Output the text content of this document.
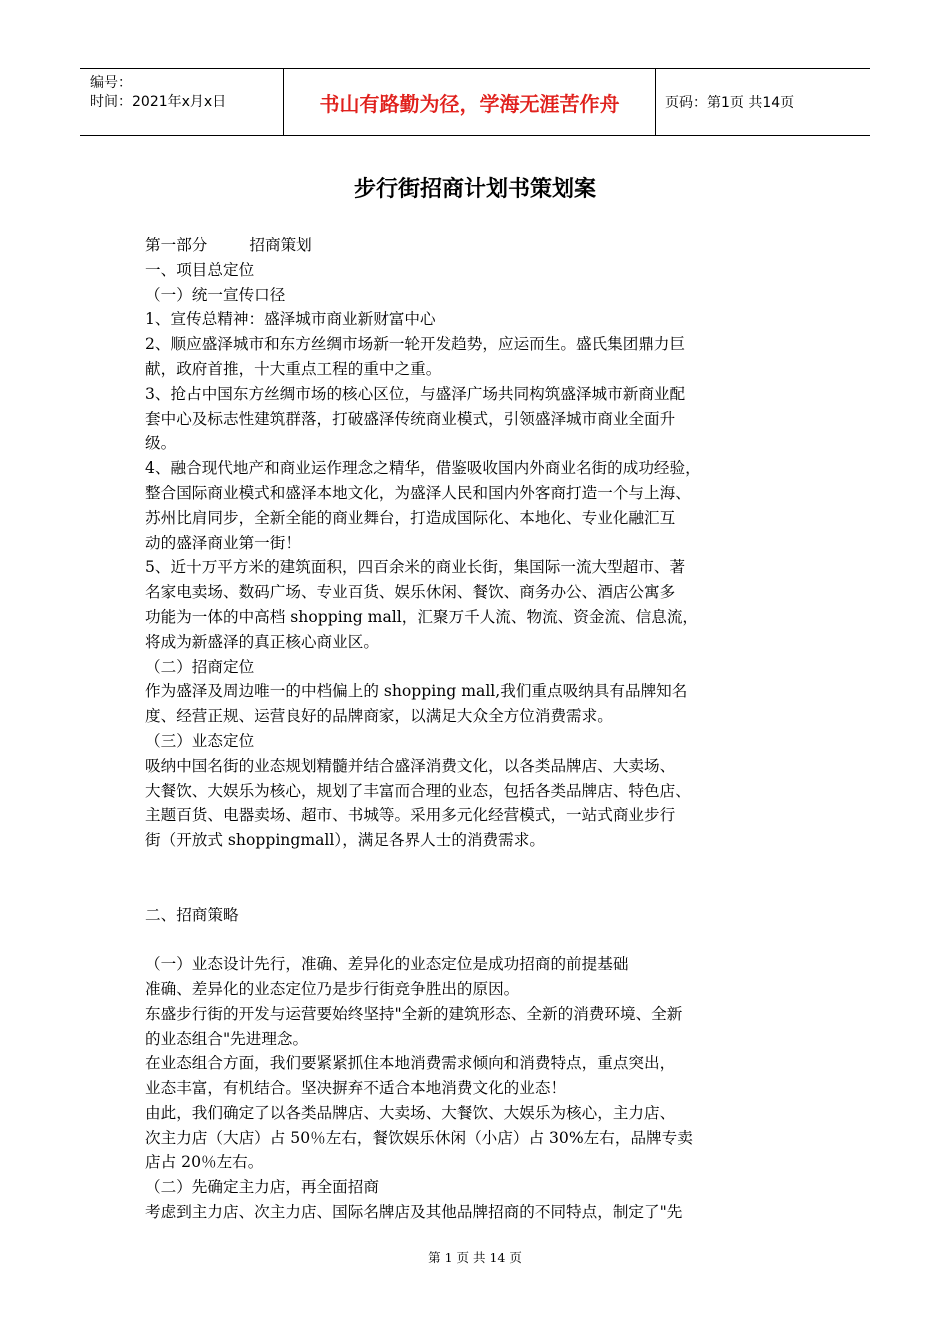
编号：
时间：2021年x月x日	书山有路勤为径，学海无涯苦作舟	页码：第1页 共14页
步行街招商计划书策划案

第一部分	招商策划

一、项目总定位

（一）统一宣传口径

1、宣传总精神：盛泽城市商业新财富中心

2、顺应盛泽城市和东方丝绸市场新一轮开发趋势，应运而生。盛氏集团鼎力巨

献，政府首推，十大重点工程的重中之重。

3、抢占中国东方丝绸市场的核心区位，与盛泽广场共同构筑盛泽城市新商业配

套中心及标志性建筑群落，打破盛泽传统商业模式，引领盛泽城市商业全面升

级。

4、融合现代地产和商业运作理念之精华，借鉴吸收国内外商业名街的成功经验，

整合国际商业模式和盛泽本地文化，为盛泽人民和国内外客商打造一个与上海、

苏州比肩同步，全新全能的商业舞台，打造成国际化、本地化、专业化融汇互

动的盛泽商业第一街！

5、近十万平方米的建筑面积，四百余米的商业长街，集国际一流大型超市、著

名家电卖场、数码广场、专业百货、娱乐休闲、餐饮、商务办公、酒店公寓多

功能为一体的中高档 shopping mall，汇聚万千人流、物流、资金流、信息流，

将成为新盛泽的真正核心商业区。

（二）招商定位

作为盛泽及周边唯一的中档偏上的 shopping mall,我们重点吸纳具有品牌知名

度、经营正规、运营良好的品牌商家，以满足大众全方位消费需求。

（三）业态定位

吸纳中国名街的业态规划精髓并结合盛泽消费文化，以各类品牌店、大卖场、

大餐饮、大娱乐为核心，规划了丰富而合理的业态，包括各类品牌店、特色店、

主题百货、电器卖场、超市、书城等。采用多元化经营模式，一站式商业步行

街（开放式 shoppingmall），满足各界人士的消费需求。

二、招商策略

（一）业态设计先行，准确、差异化的业态定位是成功招商的前提基础

准确、差异化的业态定位乃是步行街竞争胜出的原因。

东盛步行街的开发与运营要始终坚持"全新的建筑形态、全新的消费环境、全新

的业态组合"先进理念。

在业态组合方面，我们要紧紧抓住本地消费需求倾向和消费特点，重点突出，

业态丰富，有机结合。坚决摒弃不适合本地消费文化的业态！

由此，我们确定了以各类品牌店、大卖场、大餐饮、大娱乐为核心，主力店、

次主力店（大店）占 50％左右，餐饮娱乐休闲（小店）占 30%左右，品牌专卖

店占 20％左右。

（二）先确定主力店，再全面招商

考虑到主力店、次主力店、国际名牌店及其他品牌招商的不同特点，制定了"先

第 1 页 共 14 页
